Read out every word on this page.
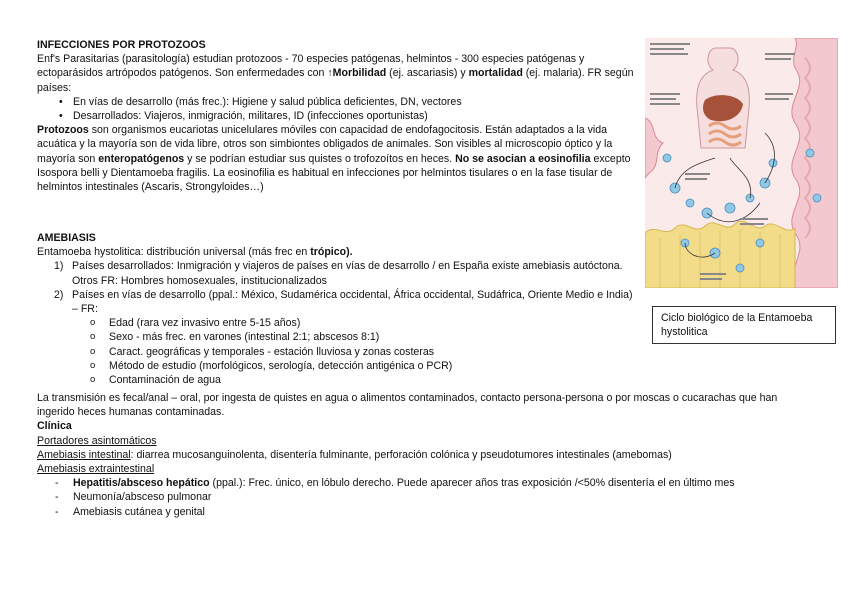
INFECCIONES POR PROTOZOOS

Enf's Parasitarias (parasitología) estudian protozoos - 70 especies patógenas, helmintos - 300 especies patógenas y ectoparásidos artrópodos patógenos. Son enfermedades con ↑Morbilidad (ej. ascariasis) y mortalidad (ej. malaria). FR según países:

• En vías de desarrollo (más frec.): Higiene y salud pública deficientes, DN, vectores
• Desarrollados: Viajeros, inmigración, militares, ID (infecciones oportunistas)

Protozoos son organismos eucariotas unicelulares móviles con capacidad de endofagocitosis. Están adaptados a la vida acuática y la mayoría son de vida libre, otros son simbiontes obligados de animales. Son visibles al microscopio óptico y la mayoría son enteropatógenos y se podrían estudiar sus quistes o trofozoítos en heces. No se asocian a eosinofilia excepto Isospora belli y Dientamoeba fragilis. La eosinofilia es habitual en infecciones por helmintos tisulares o en la fase tisular de helmintos intestinales (Ascaris, Strongyloides…)

AMEBIASIS

Entamoeba hystolitica: distribución universal (más frec en trópico).

1) Países desarrollados: Inmigración y viajeros de países en vías de desarrollo / en España existe amebiasis autóctona. Otros FR: Hombres homosexuales, institucionalizados
2) Países en vías de desarrollo (ppal.: México, Sudamérica occidental, África occidental, Sudáfrica, Oriente Medio e India) – FR:
o Edad (rara vez invasivo entre 5-15 años)
o Sexo - más frec. en varones (intestinal 2:1; abscesos 8:1)
o Caract. geográficas y temporales - estación lluviosa y zonas costeras
o Método de estudio (morfológicos, serología, detección antigénica o PCR)
o Contaminación de agua

La transmisión es fecal/anal – oral, por ingesta de quistes en agua o alimentos contaminados, contacto persona-persona o por moscas o cucarachas que han ingerido heces humanas contaminadas.

Clínica

Portadores asintomáticos

Amebiasis intestinal: diarrea mucosanguinolenta, disentería fulminante, perforación colónica y pseudotumores intestinales (amebomas)

Amebiasis extraintestinal

- Hepatitis/absceso hepático (ppal.): Frec. único, en lóbulo derecho. Puede aparecer años tras exposición /<50% disentería el en último mes
- Neumonía/absceso pulmonar
- Amebiasis cutánea y genital
Ciclo biológico de la Entamoeba hystolitica
